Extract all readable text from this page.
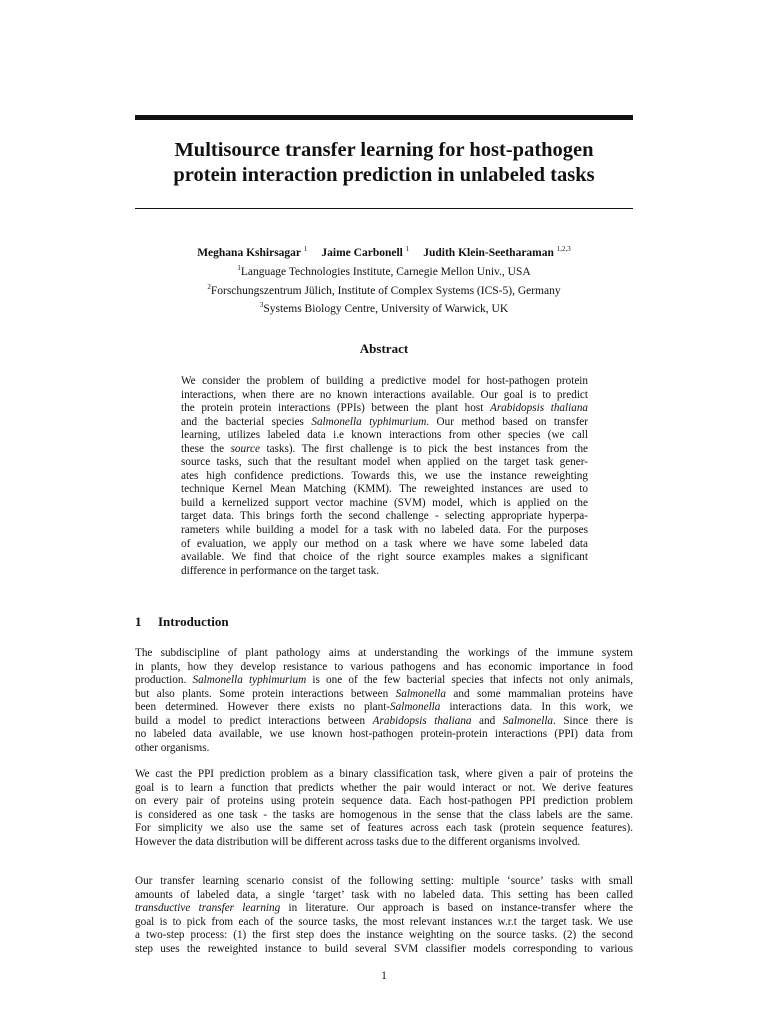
Multisource transfer learning for host-pathogen
protein interaction prediction in unlabeled tasks
Meghana Kshirsagar $^1$ Jaime Carbonell $^1$ Judith Klein-Seetharaman $^{1,2,3}$
$^1$Language Technologies Institute, Carnegie Mellon Univ., USA
$^2$Forschungszentrum Jülich, Institute of Complex Systems (ICS-5), Germany
$^3$Systems Biology Centre, University of Warwick, UK
Abstract
We consider the problem of building a predictive model for host-pathogen protein
interactions, when there are no known interactions available. Our goal is to predict
the protein protein interactions (PPIs) between the plant host Arabidopsis thaliana
and the bacterial species Salmonella typhimurium. Our method based on transfer
learning, utilizes labeled data i.e known interactions from other species (we call
these the source tasks). The first challenge is to pick the best instances from the
source tasks, such that the resultant model when applied on the target task gener-
ates high confidence predictions. Towards this, we use the instance reweighting
technique Kernel Mean Matching (KMM). The reweighted instances are used to
build a kernelized support vector machine (SVM) model, which is applied on the
target data. This brings forth the second challenge - selecting appropriate hyperpa-
rameters while building a model for a task with no labeled data. For the purposes
of evaluation, we apply our method on a task where we have some labeled data
available. We find that choice of the right source examples makes a significant
difference in performance on the target task.
1 Introduction
The subdiscipline of plant pathology aims at understanding the workings of the immune system
in plants, how they develop resistance to various pathogens and has economic importance in food
production. Salmonella typhimurium is one of the few bacterial species that infects not only animals,
but also plants. Some protein interactions between Salmonella and some mammalian proteins have
been determined. However there exists no plant-Salmonella interactions data. In this work, we
build a model to predict interactions between Arabidopsis thaliana and Salmonella. Since there is
no labeled data available, we use known host-pathogen protein-protein interactions (PPI) data from
other organisms.
We cast the PPI prediction problem as a binary classification task, where given a pair of proteins the
goal is to learn a function that predicts whether the pair would interact or not. We derive features
on every pair of proteins using protein sequence data. Each host-pathogen PPI prediction problem
is considered as one task - the tasks are homogenous in the sense that the class labels are the same.
For simplicity we also use the same set of features across each task (protein sequence features).
However the data distribution will be different across tasks due to the different organisms involved.
Our transfer learning scenario consist of the following setting: multiple ‘source’ tasks with small
amounts of labeled data, a single ‘target’ task with no labeled data. This setting has been called
transductive transfer learning in literature. Our approach is based on instance-transfer where the
goal is to pick from each of the source tasks, the most relevant instances w.r.t the target task. We use
a two-step process: (1) the first step does the instance weighting on the source tasks. (2) the second
step uses the reweighted instance to build several SVM classifier models corresponding to various
1
